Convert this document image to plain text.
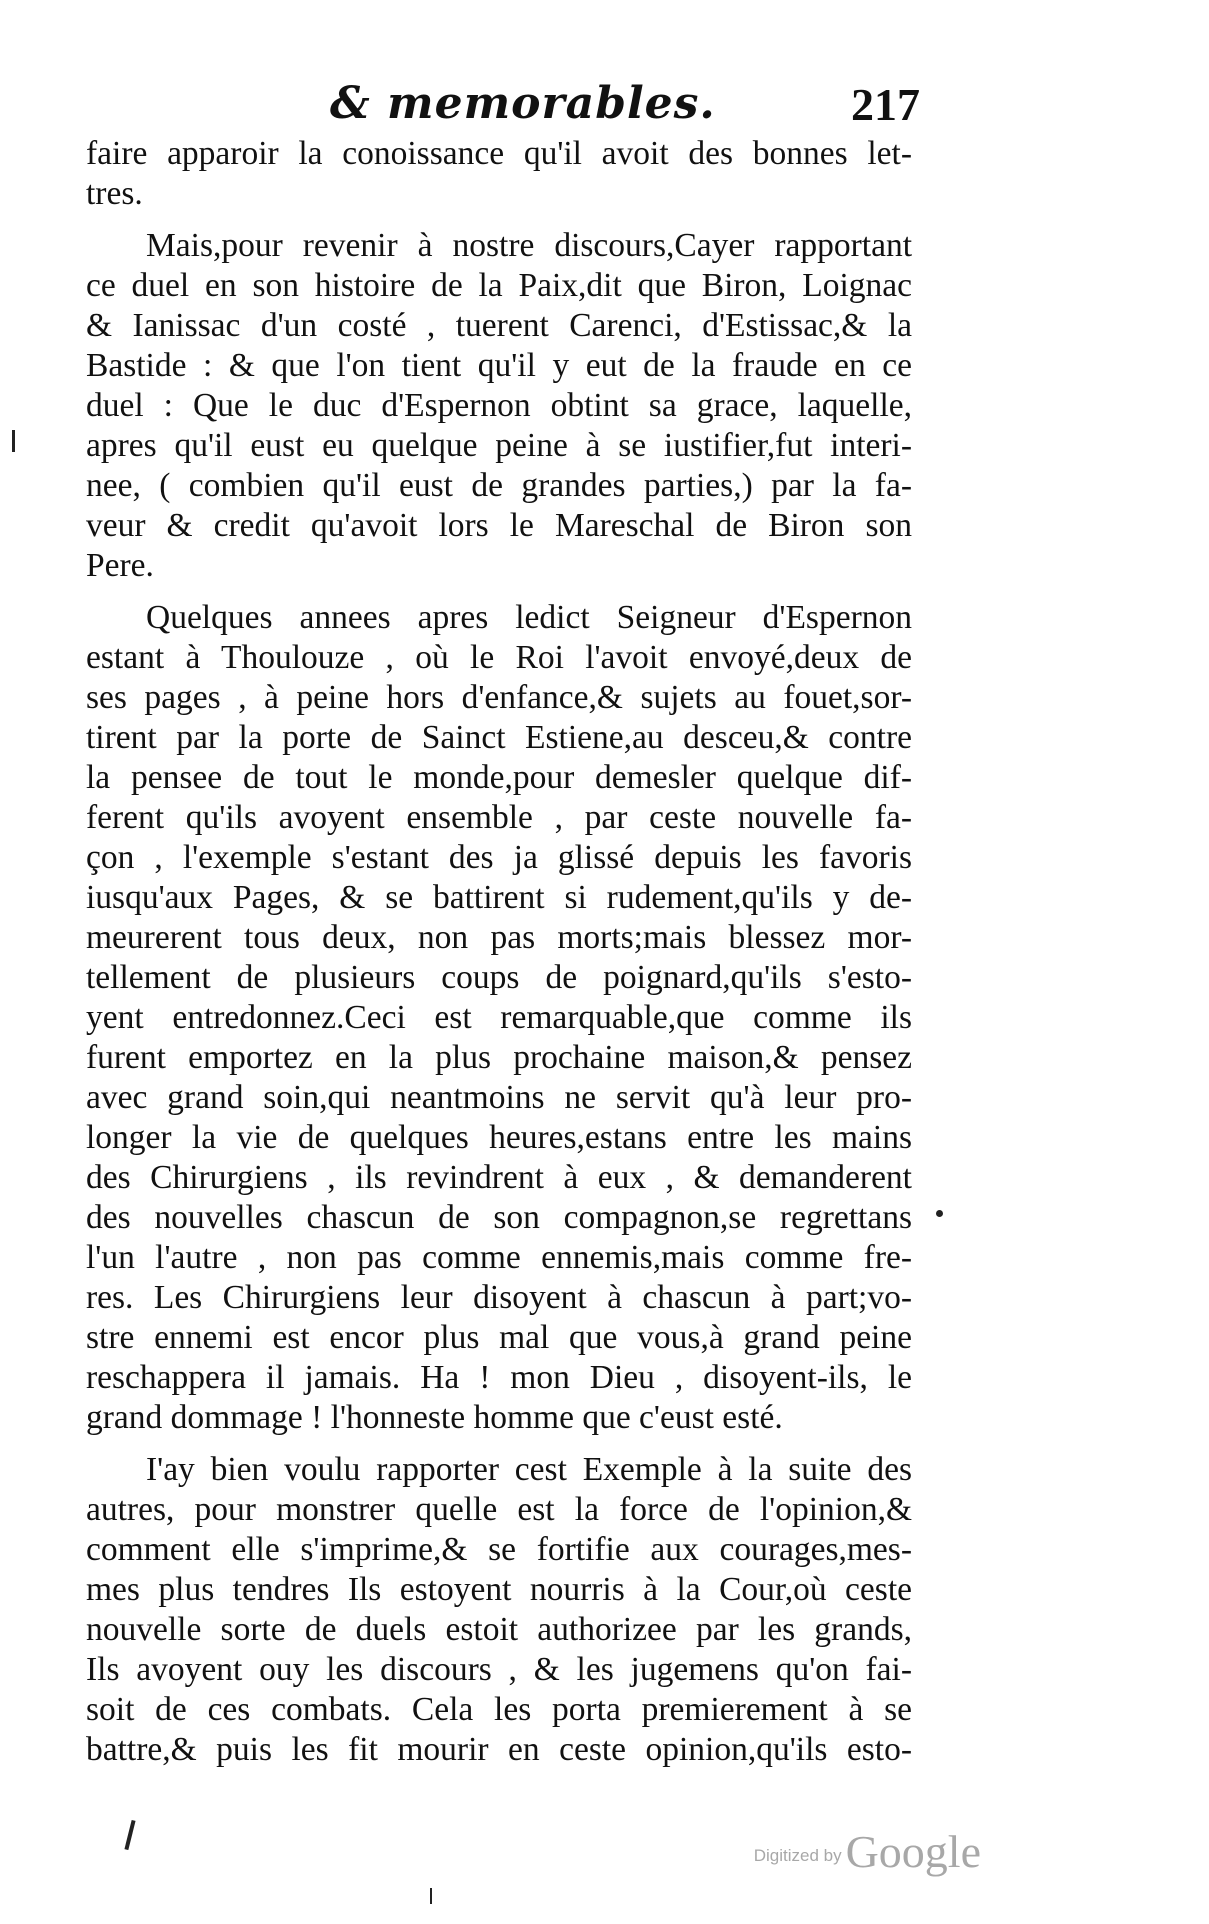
& memorables.	217
faire apparoir la conoissance qu'il avoit des bonnes let-
tres.
Mais,pour revenir à nostre discours,Cayer rapportant
ce duel en son histoire de la Paix,dit que Biron, Loignac
& Ianissac d'un costé , tuerent Carenci, d'Estissac,& la
Bastide : & que l'on tient qu'il y eut de la fraude en ce
duel : Que le duc d'Espernon obtint sa grace, laquelle,
apres qu'il eust eu quelque peine à se iustifier,fut interi-
nee, ( combien qu'il eust de grandes parties,) par la fa-
veur & credit qu'avoit lors le Mareschal de Biron son
Pere.
Quelques annees apres ledict Seigneur d'Espernon
estant à Thoulouze , où le Roi l'avoit envoyé,deux de
ses pages , à peine hors d'enfance,& sujets au fouet,sor-
tirent par la porte de Sainct Estiene,au desceu,& contre
la pensee de tout le monde,pour demesler quelque dif-
ferent qu'ils avoyent ensemble , par ceste nouvelle fa-
çon , l'exemple s'estant des ja glissé depuis les favoris
iusqu'aux Pages, & se battirent si rudement,qu'ils y de-
meurerent tous deux, non pas morts;mais blessez mor-
tellement de plusieurs coups de poignard,qu'ils s'esto-
yent entredonnez.Ceci est remarquable,que comme ils
furent emportez en la plus prochaine maison,& pensez
avec grand soin,qui neantmoins ne servit qu'à leur pro-
longer la vie de quelques heures,estans entre les mains
des Chirurgiens , ils revindrent à eux , & demanderent
des nouvelles chascun de son compagnon,se regrettans
l'un l'autre , non pas comme ennemis,mais comme fre-
res. Les Chirurgiens leur disoyent à chascun à part;vo-
stre ennemi est encor plus mal que vous,à grand peine
reschappera il jamais. Ha ! mon Dieu , disoyent-ils, le
grand dommage ! l'honneste homme que c'eust esté.
I'ay bien voulu rapporter cest Exemple à la suite des
autres, pour monstrer quelle est la force de l'opinion,&
comment elle s'imprime,& se fortifie aux courages,mes-
mes plus tendres Ils estoyent nourris à la Cour,où ceste
nouvelle sorte de duels estoit authorizee par les grands,
Ils avoyent ouy les discours , & les jugemens qu'on fai-
soit de ces combats. Cela les porta premierement à se
battre,& puis les fit mourir en ceste opinion,qu'ils esto-
Digitized byGoogle
